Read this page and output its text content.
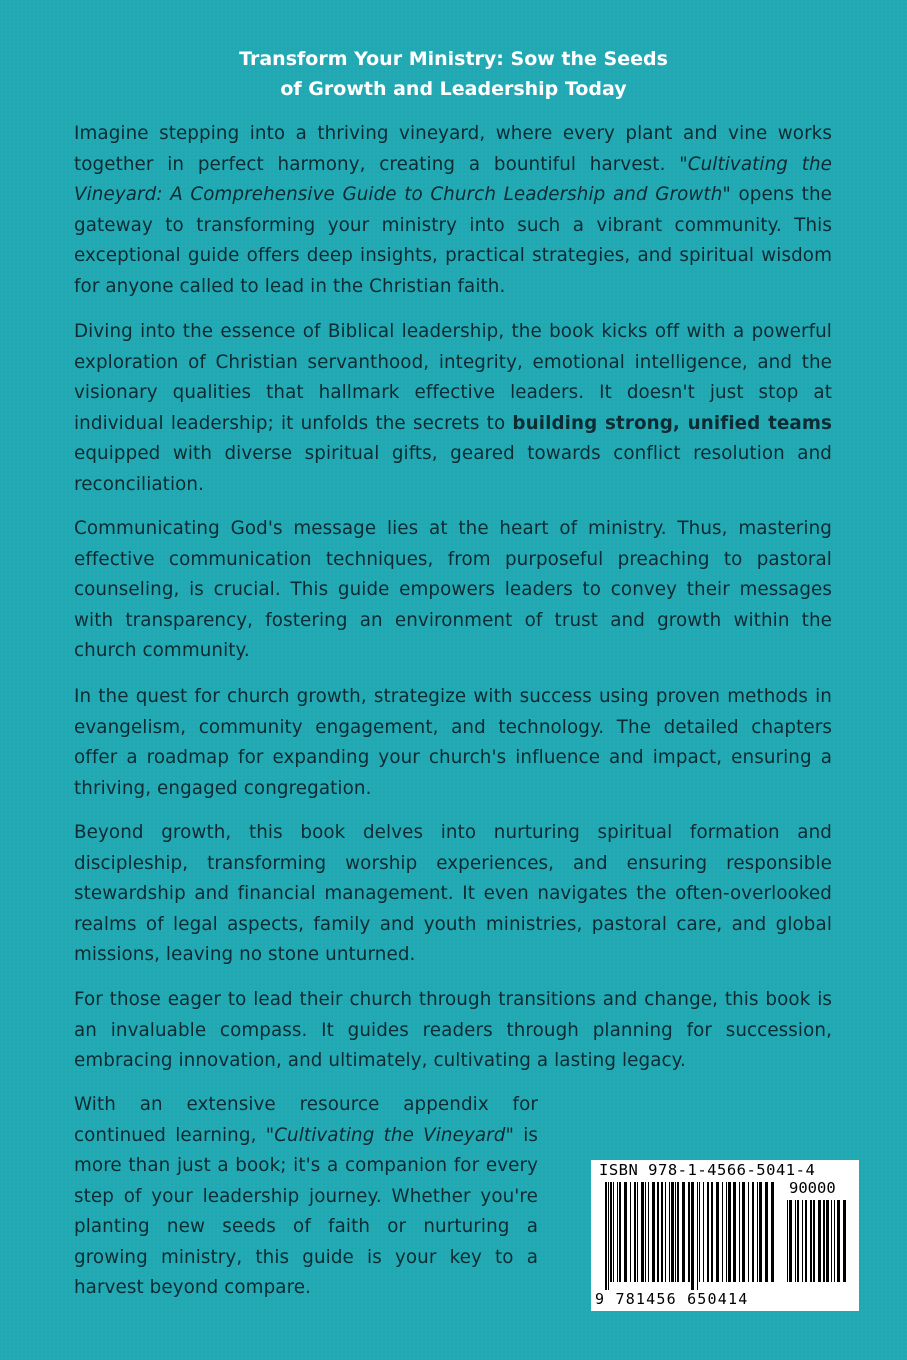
Transform Your Ministry: Sow the Seeds
of Growth and Leadership Today

Imagine stepping into a thriving vineyard, where every plant and vine works together in perfect harmony, creating a bountiful harvest. "Cultivating the Vineyard: A Comprehensive Guide to Church Leadership and Growth" opens the gateway to transforming your ministry into such a vibrant community. This exceptional guide offers deep insights, practical strategies, and spiritual wisdom for anyone called to lead in the Christian faith.

Diving into the essence of Biblical leadership, the book kicks off with a powerful exploration of Christian servanthood, integrity, emotional intelligence, and the visionary qualities that hallmark effective leaders. It doesn't just stop at individual leadership; it unfolds the secrets to building strong, unified teams equipped with diverse spiritual gifts, geared towards conflict resolution and reconciliation.

Communicating God's message lies at the heart of ministry. Thus, mastering effective communication techniques, from purposeful preaching to pastoral counseling, is crucial. This guide empowers leaders to convey their messages with transparency, fostering an environment of trust and growth within the church community.

In the quest for church growth, strategize with success using proven methods in evangelism, community engagement, and technology. The detailed chapters offer a roadmap for expanding your church's influence and impact, ensuring a thriving, engaged congregation.

Beyond growth, this book delves into nurturing spiritual formation and discipleship, transforming worship experiences, and ensuring responsible stewardship and financial management. It even navigates the often-overlooked realms of legal aspects, family and youth ministries, pastoral care, and global missions, leaving no stone unturned.

For those eager to lead their church through transitions and change, this book is an invaluable compass. It guides readers through planning for succession, embracing innovation, and ultimately, cultivating a lasting legacy.

With an extensive resource appendix for continued learning, "Cultivating the Vineyard" is more than just a book; it's a companion for every step of your leadership journey. Whether you're planting new seeds of faith or nurturing a growing ministry, this guide is your key to a harvest beyond compare.

ISBN 978-1-4566-5041-4
90000
9 781456 650414
